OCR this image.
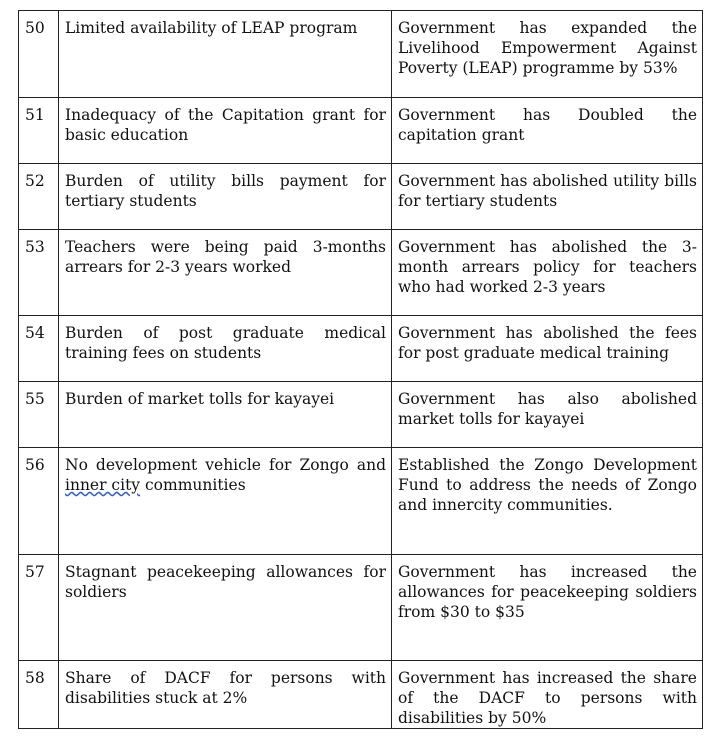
50	Limited availability of LEAP program	Government has expanded the Livelihood Empowerment Against Poverty (LEAP) programme by 53%
51	Inadequacy of the Capitation grant for basic education	Government has Doubled the capitation grant
52	Burden of utility bills payment for tertiary students	Government has abolished utility bills for tertiary students
53	Teachers were being paid 3-months arrears for 2-3 years worked	Government has abolished the 3-month arrears policy for teachers who had worked 2-3 years
54	Burden of post graduate medical training fees on students	Government has abolished the fees for post graduate medical training
55	Burden of market tolls for kayayei	Government has also abolished market tolls for kayayei
56	No development vehicle for Zongo and inner city communities	Established the Zongo Development Fund to address the needs of Zongo and innercity communities.
57	Stagnant peacekeeping allowances for soldiers	Government has increased the allowances for peacekeeping soldiers from $30 to $35
58	Share of DACF for persons with disabilities stuck at 2%	Government has increased the share of the DACF to persons with disabilities by 50%
